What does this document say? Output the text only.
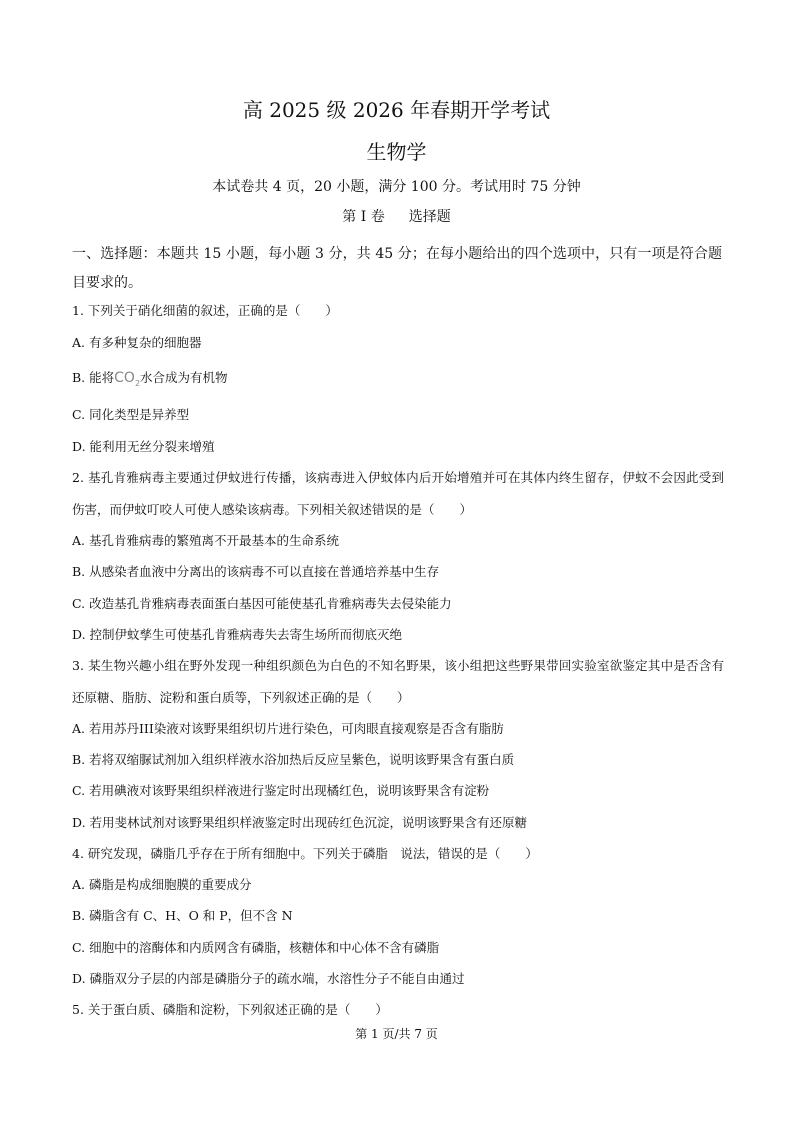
高 2025 级 2026 年春期开学考试
生物学
本试卷共 4 页，20 小题，满分 100 分。考试用时 75 分钟
第 I 卷 选择题
一、选择题：本题共 15 小题，每小题 3 分，共 45 分；在每小题给出的四个选项中，只有一项是符合题目要求的。
1. 下列关于硝化细菌的叙述，正确的是（　　）
A. 有多种复杂的细胞器
B. 能将$CO_2$水合成为有机物
C. 同化类型是异养型
D. 能利用无丝分裂来增殖
2. 基孔肯雅病毒主要通过伊蚊进行传播，该病毒进入伊蚊体内后开始增殖并可在其体内终生留存，伊蚊不会因此受到伤害，而伊蚊叮咬人可使人感染该病毒。下列相关叙述错误的是（　　）
A. 基孔肯雅病毒的繁殖离不开最基本的生命系统
B. 从感染者血液中分离出的该病毒不可以直接在普通培养基中生存
C. 改造基孔肯雅病毒表面蛋白基因可能使基孔肯雅病毒失去侵染能力
D. 控制伊蚊孳生可使基孔肯雅病毒失去寄生场所而彻底灭绝
3. 某生物兴趣小组在野外发现一种组织颜色为白色的不知名野果，该小组把这些野果带回实验室欲鉴定其中是否含有还原糖、脂肪、淀粉和蛋白质等，下列叙述正确的是（　　）
A. 若用苏丹III染液对该野果组织切片进行染色，可肉眼直接观察是否含有脂肪
B. 若将双缩脲试剂加入组织样液水浴加热后反应呈紫色，说明该野果含有蛋白质
C. 若用碘液对该野果组织样液进行鉴定时出现橘红色，说明该野果含有淀粉
D. 若用斐林试剂对该野果组织样液鉴定时出现砖红色沉淀，说明该野果含有还原糖
4. 研究发现，磷脂几乎存在于所有细胞中。下列关于磷脂　说法，错误的是（　　）
A. 磷脂是构成细胞膜的重要成分
B. 磷脂含有 C、H、O 和 P，但不含 N
C. 细胞中的溶酶体和内质网含有磷脂，核糖体和中心体不含有磷脂
D. 磷脂双分子层的内部是磷脂分子的疏水端，水溶性分子不能自由通过
5. 关于蛋白质、磷脂和淀粉，下列叙述正确的是（　　）
第 1 页/共 7 页
